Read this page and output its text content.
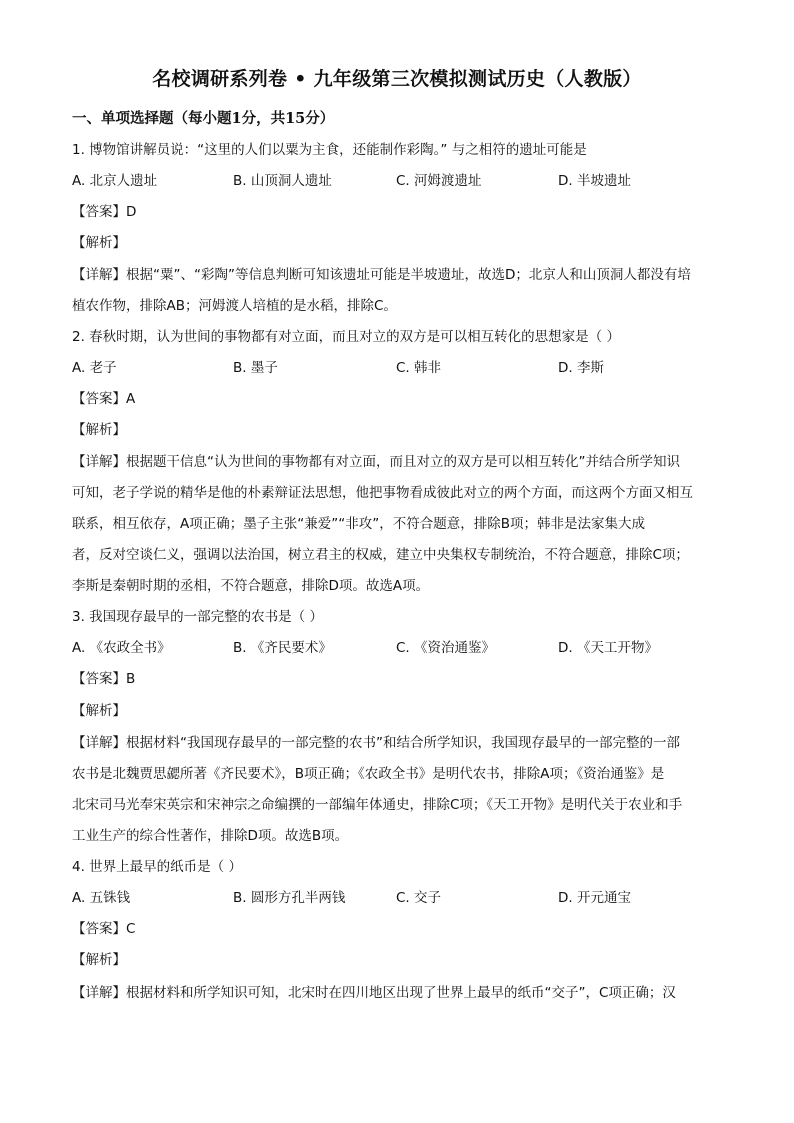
名校调研系列卷 • 九年级第三次模拟测试历史（人教版）
一、单项选择题（每小题1分，共15分）
1. 博物馆讲解员说：“这里的人们以粟为主食，还能制作彩陶。” 与之相符的遗址可能是
A. 北京人遗址	B. 山顶洞人遗址	C. 河姆渡遗址	D. 半坡遗址
【答案】D
【解析】
【详解】根据“粟”、“彩陶”等信息判断可知该遗址可能是半坡遗址，故选D；北京人和山顶洞人都没有培
植农作物，排除AB；河姆渡人培植的是水稻，排除C。
2. 春秋时期，认为世间的事物都有对立面，而且对立的双方是可以相互转化的思想家是（ ）
A. 老子	B. 墨子	C. 韩非	D. 李斯
【答案】A
【解析】
【详解】根据题干信息“认为世间的事物都有对立面，而且对立的双方是可以相互转化”并结合所学知识
可知，老子学说的精华是他的朴素辩证法思想，他把事物看成彼此对立的两个方面，而这两个方面又相互
联系，相互依存，A项正确；墨子主张“兼爱”“非攻”，不符合题意，排除B项；韩非是法家集大成
者，反对空谈仁义，强调以法治国，树立君主的权威，建立中央集权专制统治，不符合题意，排除C项；
李斯是秦朝时期的丞相，不符合题意，排除D项。故选A项。
3. 我国现存最早的一部完整的农书是（ ）
A. 《农政全书》	B. 《齐民要术》	C. 《资治通鉴》	D. 《天工开物》
【答案】B
【解析】
【详解】根据材料“我国现存最早的一部完整的农书”和结合所学知识，我国现存最早的一部完整的一部
农书是北魏贾思勰所著《齐民要术》，B项正确；《农政全书》是明代农书，排除A项；《资治通鉴》是
北宋司马光奉宋英宗和宋神宗之命编撰的一部编年体通史，排除C项；《天工开物》是明代关于农业和手
工业生产的综合性著作，排除D项。故选B项。
4. 世界上最早的纸币是（ ）
A. 五铢钱	B. 圆形方孔半两钱	C. 交子	D. 开元通宝
【答案】C
【解析】
【详解】根据材料和所学知识可知，北宋时在四川地区出现了世界上最早的纸币“交子”，C项正确；汉
